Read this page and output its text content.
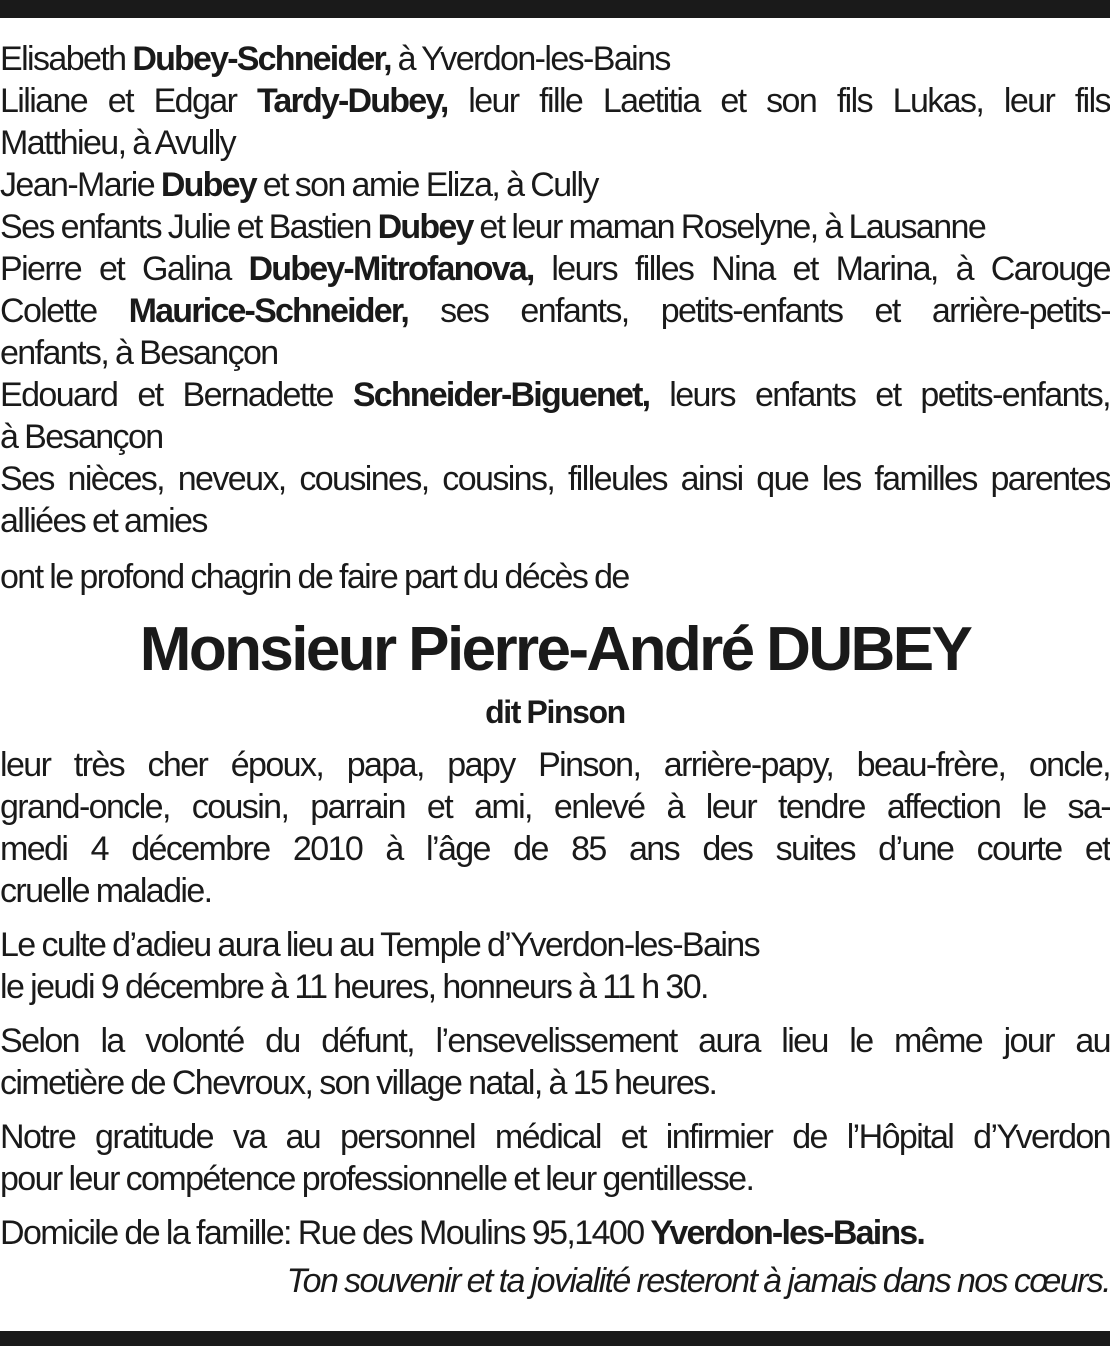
Elisabeth Dubey-Schneider, à Yverdon-les-Bains
Liliane et Edgar Tardy-Dubey, leur fille Laetitia et son fils Lukas, leur fils
Matthieu, à Avully
Jean-Marie Dubey et son amie Eliza, à Cully
Ses enfants Julie et Bastien Dubey et leur maman Roselyne, à Lausanne
Pierre et Galina Dubey-Mitrofanova, leurs filles Nina et Marina, à Carouge
Colette Maurice-Schneider, ses enfants, petits-enfants et arrière-petits-
enfants, à Besançon
Edouard et Bernadette Schneider-Biguenet, leurs enfants et petits-enfants,
à Besançon
Ses nièces, neveux, cousines, cousins, filleules ainsi que les familles parentes
alliées et amies
ont le profond chagrin de faire part du décès de
Monsieur Pierre-André DUBEY
dit Pinson
leur très cher époux, papa, papy Pinson, arrière-papy, beau-frère, oncle,
grand-oncle, cousin, parrain et ami, enlevé à leur tendre affection le sa-
medi 4 décembre 2010 à l’âge de 85 ans des suites d’une courte et
cruelle maladie.
Le culte d’adieu aura lieu au Temple d’Yverdon-les-Bains
le jeudi 9 décembre à 11 heures, honneurs à 11 h 30.
Selon la volonté du défunt, l’ensevelissement aura lieu le même jour au
cimetière de Chevroux, son village natal, à 15 heures.
Notre gratitude va au personnel médical et infirmier de l’Hôpital d’Yverdon
pour leur compétence professionnelle et leur gentillesse.
Domicile de la famille: Rue des Moulins 95,1400 Yverdon-les-Bains.
Ton souvenir et ta jovialité resteront à jamais dans nos cœurs.
